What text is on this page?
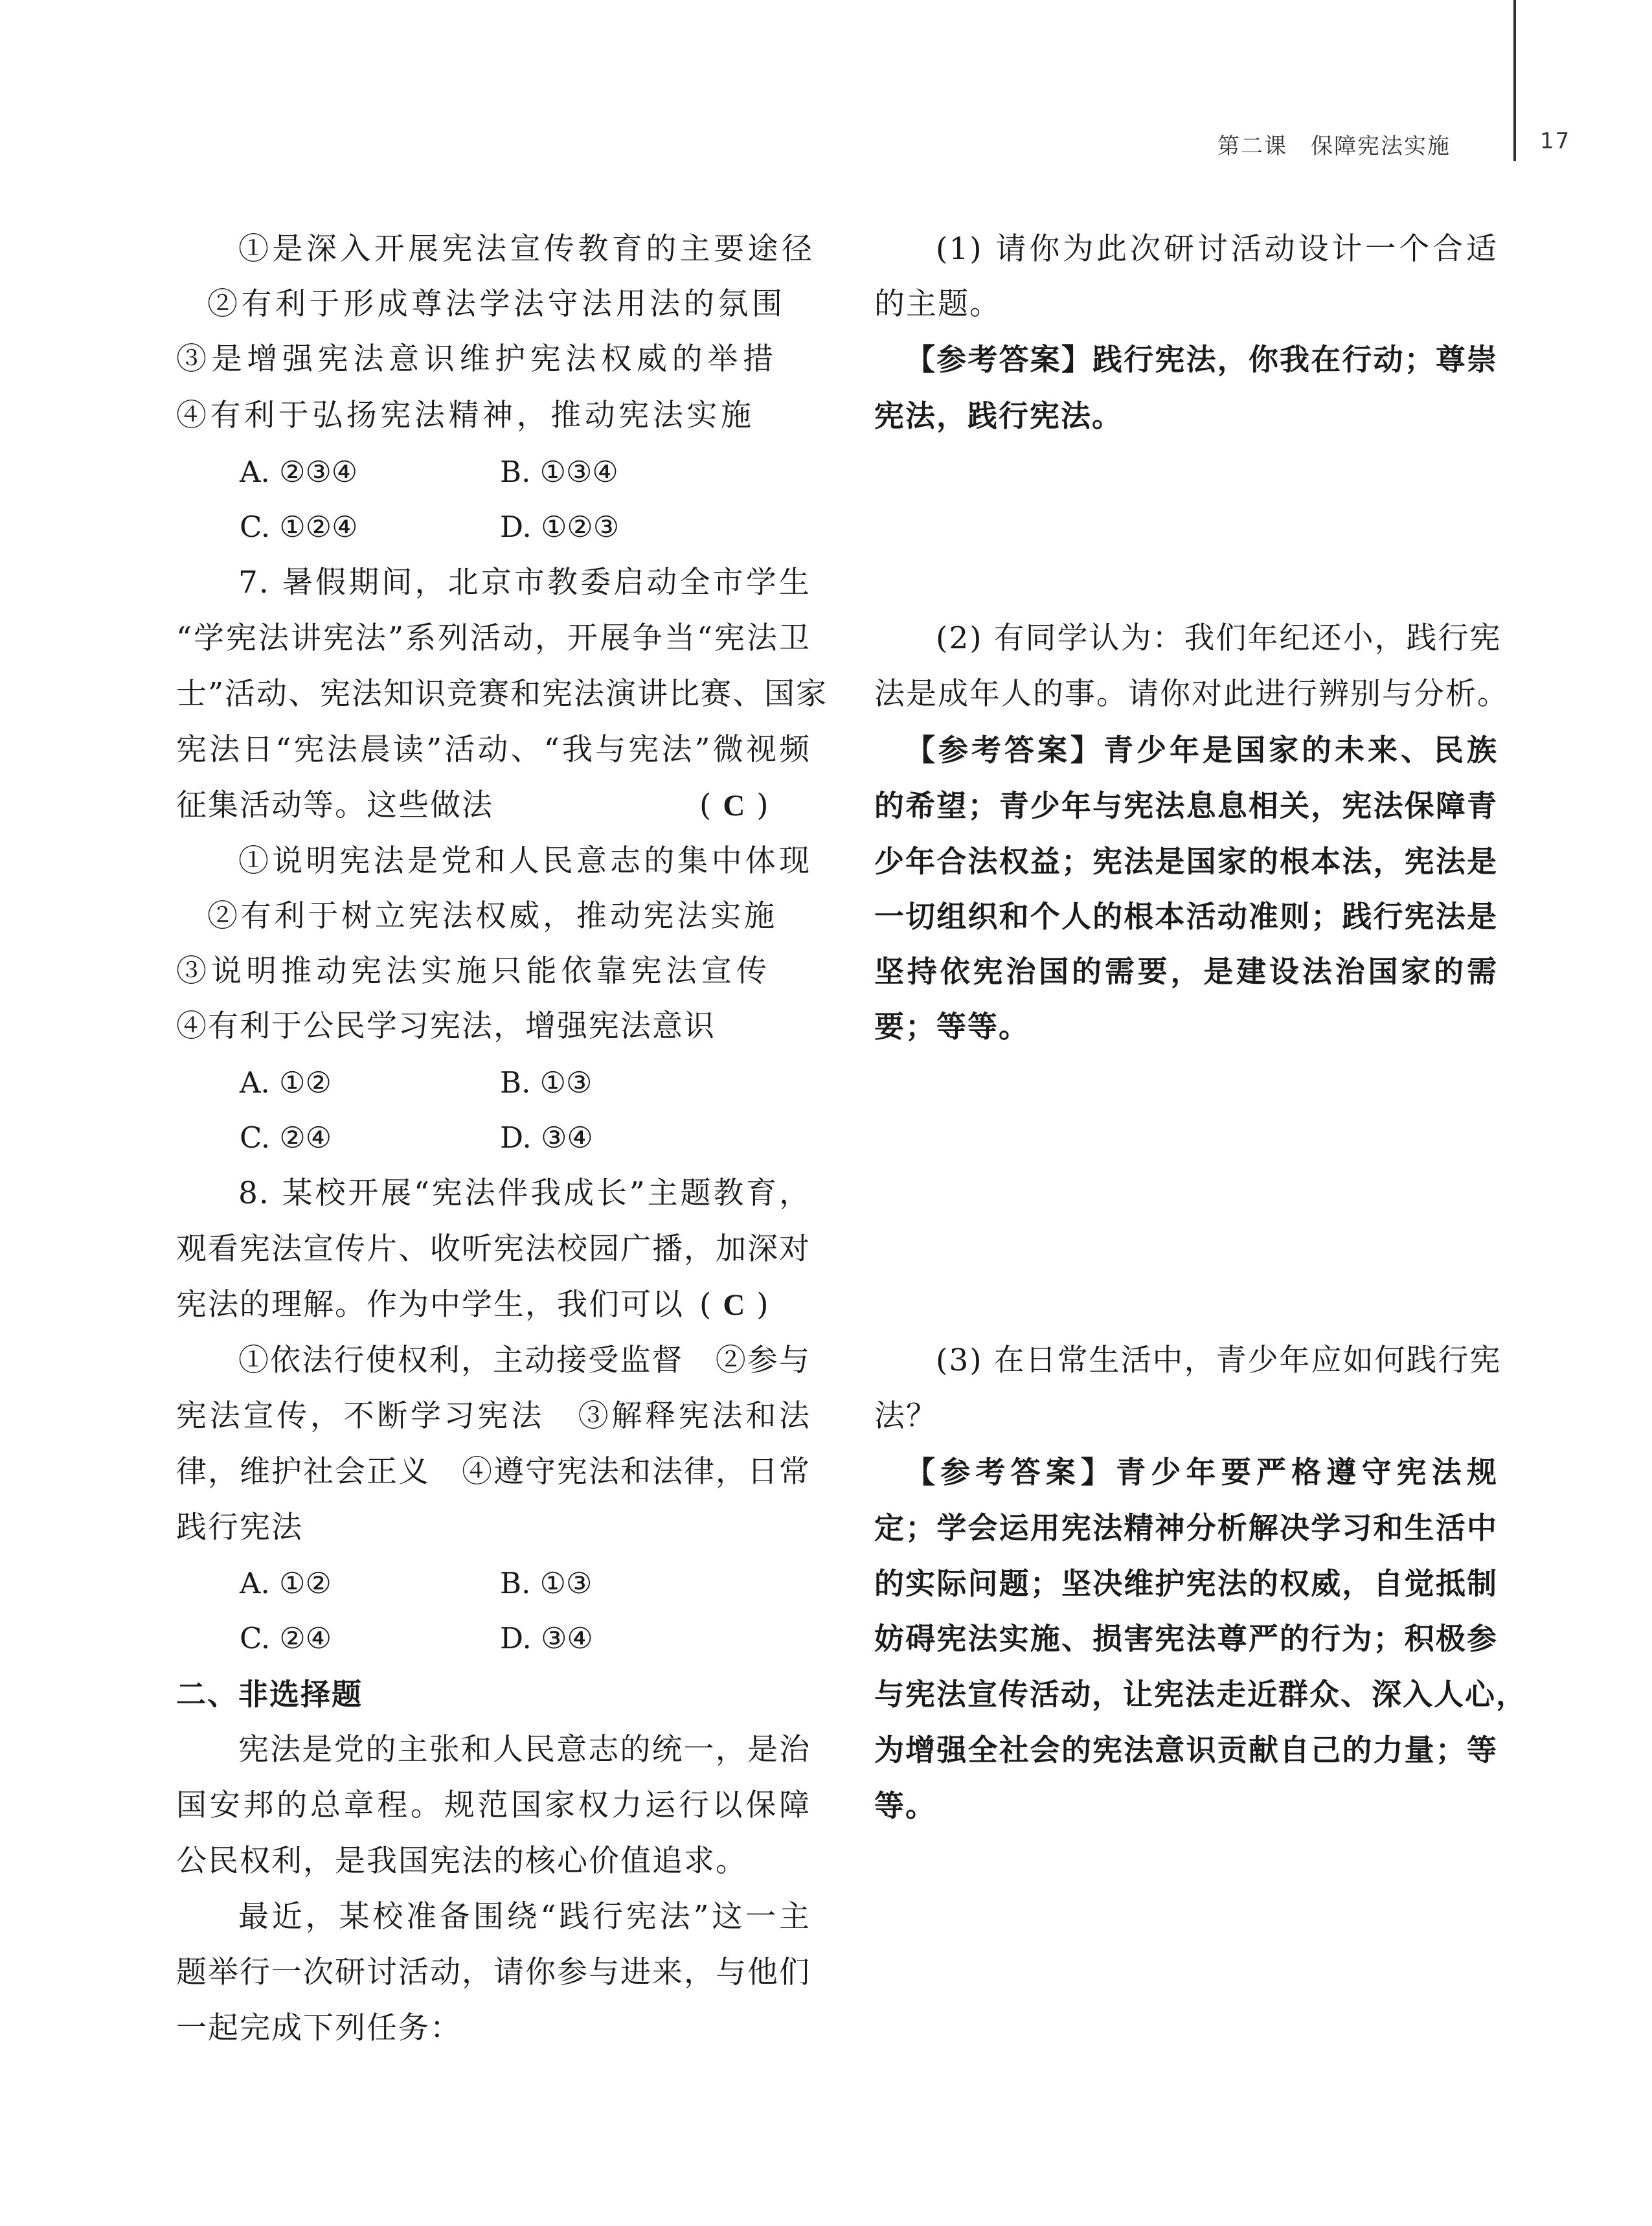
第二课　保障宪法实施	17
①是深入开展宪法宣传教育的主要途径
②有利于形成尊法学法守法用法的氛围
③是增强宪法意识维护宪法权威的举措
④有利于弘扬宪法精神，推动宪法实施
A. ②③④	B. ①③④
C. ①②④	D. ①②③
7. 暑假期间，北京市教委启动全市学生
“学宪法讲宪法”系列活动，开展争当“宪法卫
士”活动、宪法知识竞赛和宪法演讲比赛、国家
宪法日“宪法晨读”活动、“我与宪法”微视频
征集活动等。这些做法	( C )
①说明宪法是党和人民意志的集中体现
②有利于树立宪法权威，推动宪法实施
③说明推动宪法实施只能依靠宪法宣传
④有利于公民学习宪法，增强宪法意识
A. ①②	B. ①③
C. ②④	D. ③④
8. 某校开展“宪法伴我成长”主题教育，
观看宪法宣传片、收听宪法校园广播，加深对
宪法的理解。作为中学生，我们可以 ( C )
①依法行使权利，主动接受监督　②参与
宪法宣传，不断学习宪法　③解释宪法和法
律，维护社会正义　④遵守宪法和法律，日常
践行宪法
A. ①②	B. ①③
C. ②④	D. ③④
二、非选择题
宪法是党的主张和人民意志的统一，是治
国安邦的总章程。规范国家权力运行以保障
公民权利，是我国宪法的核心价值追求。
最近，某校准备围绕“践行宪法”这一主
题举行一次研讨活动，请你参与进来，与他们
一起完成下列任务：
(1) 请你为此次研讨活动设计一个合适
的主题。
【参考答案】践行宪法，你我在行动；尊崇
宪法，践行宪法。
(2) 有同学认为：我们年纪还小，践行宪
法是成年人的事。请你对此进行辨别与分析。
【参考答案】青少年是国家的未来、民族
的希望；青少年与宪法息息相关，宪法保障青
少年合法权益；宪法是国家的根本法，宪法是
一切组织和个人的根本活动准则；践行宪法是
坚持依宪治国的需要，是建设法治国家的需
要；等等。
(3) 在日常生活中，青少年应如何践行宪
法？
【参考答案】青少年要严格遵守宪法规
定；学会运用宪法精神分析解决学习和生活中
的实际问题；坚决维护宪法的权威，自觉抵制
妨碍宪法实施、损害宪法尊严的行为；积极参
与宪法宣传活动，让宪法走近群众、深入人心，
为增强全社会的宪法意识贡献自己的力量；等
等。
